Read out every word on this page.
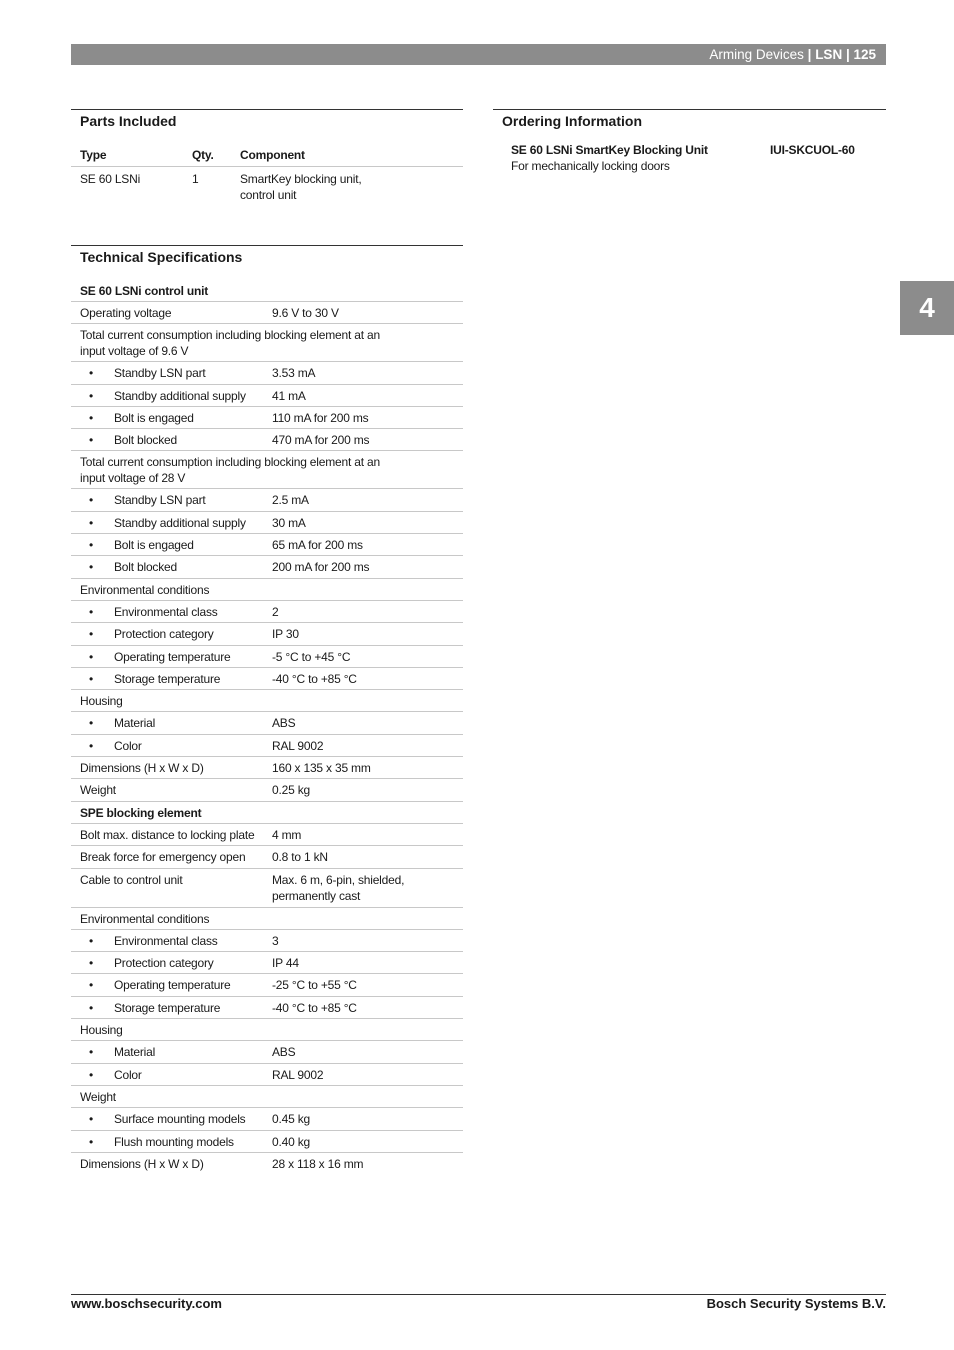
Arming Devices | LSN | 125
4
Parts Included
Type	Qty. Component
SE 60 LSNi	1	SmartKey blocking unit,
control unit
Ordering Information
SE 60 LSNi SmartKey Blocking Unit
For mechanically locking doors
IUI-SKCUOL-60
Technical Specifications
SE 60 LSNi control unit
Operating voltage	9.6 V to 30 V
Total current consumption including blocking element at an
input voltage of 9.6 V
• Standby LSN part	3.53 mA
• Standby additional supply 41 mA
• Bolt is engaged	110 mA for 200 ms
• Bolt blocked	470 mA for 200 ms
Total current consumption including blocking element at an
input voltage of 28 V
• Standby LSN part	2.5 mA
• Standby additional supply 30 mA
• Bolt is engaged	65 mA for 200 ms
• Bolt blocked	200 mA for 200 ms
Environmental conditions
• Environmental class	2
• Protection category	IP 30
• Operating temperature	-5 °C to +45 °C
• Storage temperature	-40 °C to +85 °C
Housing
• Material	ABS
• Color	RAL 9002
Dimensions (H x W x D)	160 x 135 x 35 mm
Weight	0.25 kg
SPE blocking element
Bolt max. distance to locking plate	4 mm
Break force for emergency open	0.8 to 1 kN
Cable to control unit	Max. 6 m, 6-pin, shielded,
permanently cast
Environmental conditions
• Environmental class	3
• Protection category	IP 44
• Operating temperature	-25 °C to +55 °C
• Storage temperature	-40 °C to +85 °C
Housing
• Material	ABS
• Color	RAL 9002
Weight
• Surface mounting models 0.45 kg
• Flush mounting models	0.40 kg
Dimensions (H x W x D)	28 x 118 x 16 mm
www.boschsecurity.com	Bosch Security Systems B.V.
